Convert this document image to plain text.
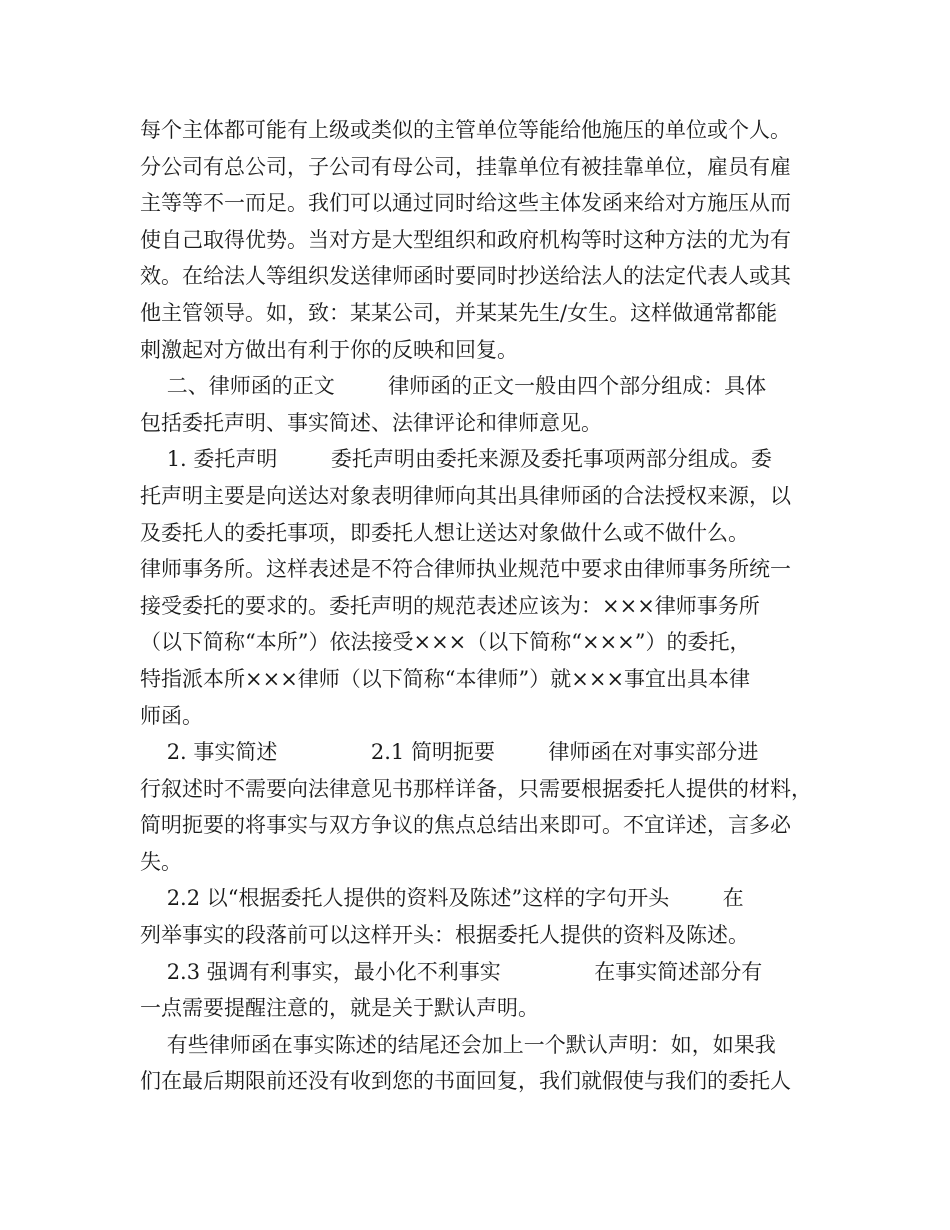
每个主体都可能有上级或类似的主管单位等能给他施压的单位或个人。
分公司有总公司，子公司有母公司，挂靠单位有被挂靠单位，雇员有雇
主等等不一而足。我们可以通过同时给这些主体发函来给对方施压从而
使自己取得优势。当对方是大型组织和政府机构等时这种方法的尤为有
效。在给法人等组织发送律师函时要同时抄送给法人的法定代表人或其
他主管领导。如，致：某某公司，并某某先生/女生。这样做通常都能
刺激起对方做出有利于你的反映和回复。
二、律师函的正文        律师函的正文一般由四个部分组成：具体
包括委托声明、事实简述、法律评论和律师意见。
1. 委托声明        委托声明由委托来源及委托事项两部分组成。委
托声明主要是向送达对象表明律师向其出具律师函的合法授权来源，以
及委托人的委托事项，即委托人想让送达对象做什么或不做什么。
律师事务所。这样表述是不符合律师执业规范中要求由律师事务所统一
接受委托的要求的。委托声明的规范表述应该为：×××律师事务所
（以下简称“本所”）依法接受×××（以下简称“×××”）的委托，
特指派本所×××律师（以下简称“本律师”）就×××事宜出具本律
师函。
2. 事实简述              2.1 简明扼要        律师函在对事实部分进
行叙述时不需要向法律意见书那样详备，只需要根据委托人提供的材料，
简明扼要的将事实与双方争议的焦点总结出来即可。不宜详述，言多必
失。
2.2 以“根据委托人提供的资料及陈述”这样的字句开头        在
列举事实的段落前可以这样开头：根据委托人提供的资料及陈述。
2.3 强调有利事实，最小化不利事实              在事实简述部分有
一点需要提醒注意的，就是关于默认声明。
有些律师函在事实陈述的结尾还会加上一个默认声明：如，如果我
们在最后期限前还没有收到您的书面回复，我们就假使与我们的委托人
